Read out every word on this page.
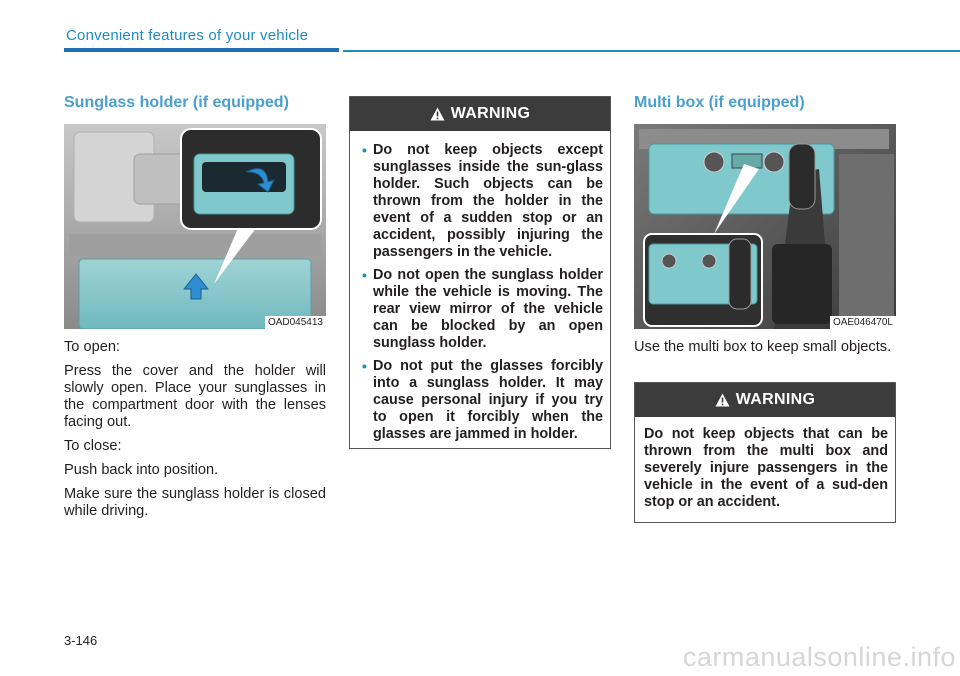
Convenient features of your vehicle
Sunglass holder (if equipped)
OAD045413

To open:

Press the cover and the holder will slowly open. Place your sunglasses in the compartment door with the lenses facing out.

To close:

Push back into position.

Make sure the sunglass holder is closed while driving.

WARNING
• Do not keep objects except sunglasses inside the sun-glass holder. Such objects can be thrown from the holder in the event of a sudden stop or an accident, possibly injuring the passengers in the vehicle.
• Do not open the sunglass holder while the vehicle is moving. The rear view mirror of the vehicle can be blocked by an open sunglass holder.
• Do not put the glasses forcibly into a sunglass holder. It may cause personal injury if you try to open it forcibly when the glasses are jammed in holder.
Multi box (if equipped)
OAE046470L
Use the multi box to keep small objects.
WARNING
Do not keep objects that can be thrown from the multi box and severely injure passengers in the vehicle in the event of a sud-den stop or an accident.
3-146
carmanualsonline.info
